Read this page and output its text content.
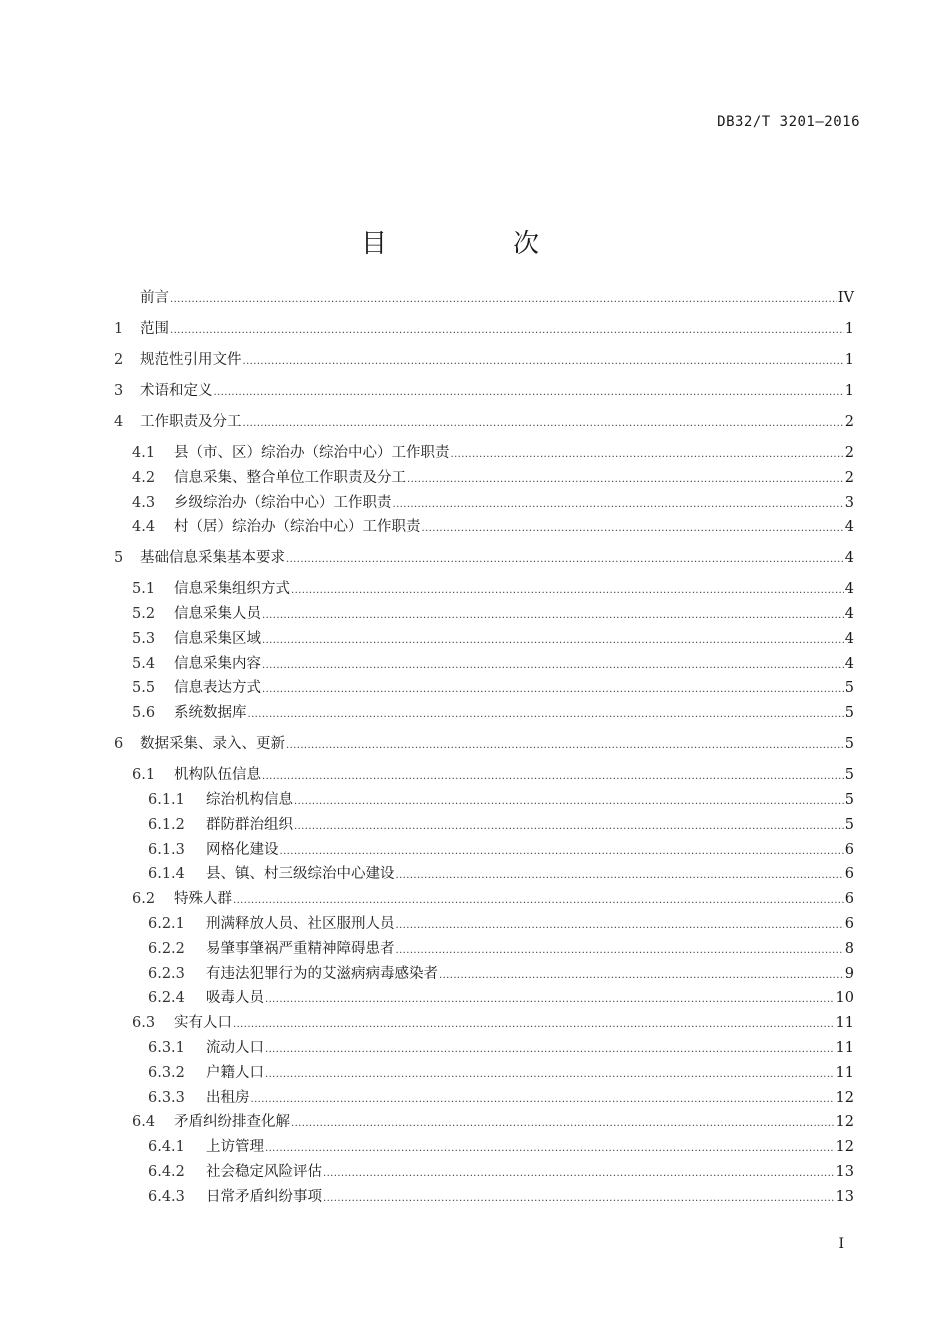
DB32/T 3201—2016
目　次
前言 .....	IV
1	范围 .....	1
2	规范性引用文件 .....	1
3	术语和定义 .....	1
4	工作职责及分工 .....	2
4.1	县（市、区）综治办（综治中心）工作职责 .....	2
4.2	信息采集、整合单位工作职责及分工 .....	2
4.3	乡级综治办（综治中心）工作职责 .....	3
4.4	村（居）综治办（综治中心）工作职责 .....	4
5	基础信息采集基本要求 .....	4
5.1	信息采集组织方式 .....	4
5.2	信息采集人员 .....	4
5.3	信息采集区域 .....	4
5.4	信息采集内容 .....	4
5.5	信息表达方式 .....	5
5.6	系统数据库 .....	5
6	数据采集、录入、更新 .....	5
6.1	机构队伍信息 .....	5
6.1.1	综治机构信息 .....	5
6.1.2	群防群治组织 .....	5
6.1.3	网格化建设 .....	6
6.1.4	县、镇、村三级综治中心建设 .....	6
6.2	特殊人群 .....	6
6.2.1	刑满释放人员、社区服刑人员 .....	6
6.2.2	易肇事肇祸严重精神障碍患者 .....	8
6.2.3	有违法犯罪行为的艾滋病病毒感染者 .....	9
6.2.4	吸毒人员 .....	10
6.3	实有人口 .....	11
6.3.1	流动人口 .....	11
6.3.2	户籍人口 .....	11
6.3.3	出租房 .....	12
6.4	矛盾纠纷排查化解 .....	12
6.4.1	上访管理 .....	12
6.4.2	社会稳定风险评估 .....	13
6.4.3	日常矛盾纠纷事项 .....	13
I
